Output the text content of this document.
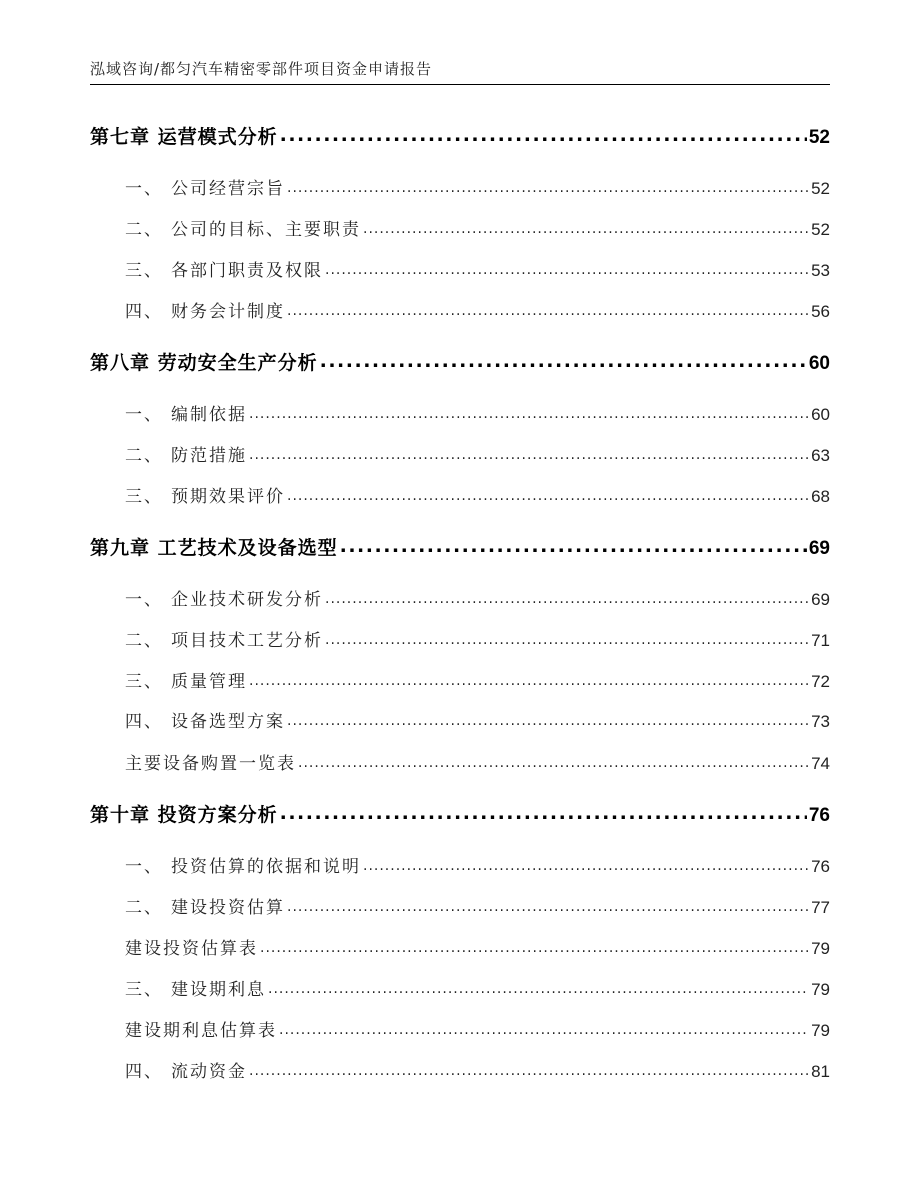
泓域咨询/都匀汽车精密零部件项目资金申请报告
第七章 运营模式分析 .....	52
一、 公司经营宗旨 .....	52
二、 公司的目标、主要职责 .....	52
三、 各部门职责及权限 .....	53
四、 财务会计制度 .....	56
第八章 劳动安全生产分析 .....	60
一、 编制依据 .....	60
二、 防范措施 .....	63
三、 预期效果评价 .....	68
第九章 工艺技术及设备选型 .....	69
一、 企业技术研发分析 .....	69
二、 项目技术工艺分析 .....	71
三、 质量管理 .....	72
四、 设备选型方案 .....	73
主要设备购置一览表 .....	74
第十章 投资方案分析 .....	76
一、 投资估算的依据和说明 .....	76
二、 建设投资估算 .....	77
建设投资估算表 .....	79
三、 建设期利息 .....	79
建设期利息估算表 .....	79
四、 流动资金 .....	81
